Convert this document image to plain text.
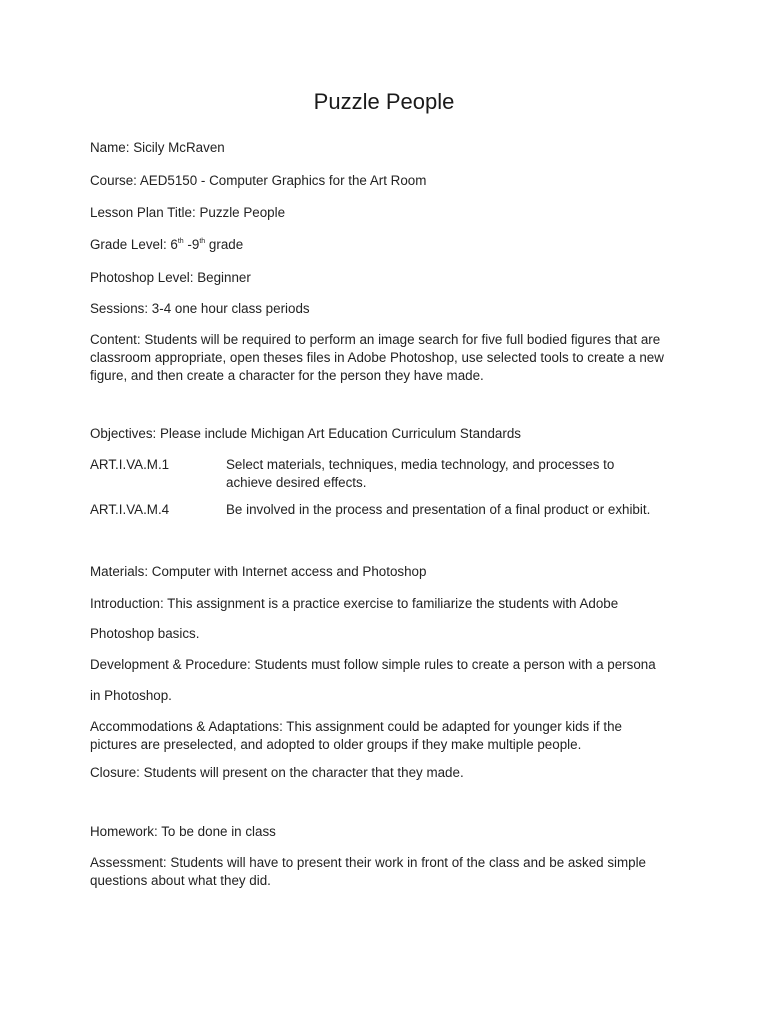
Puzzle People

Name: Sicily McRaven

Course: AED5150 - Computer Graphics for the Art Room

Lesson Plan Title: Puzzle People

Grade Level: 6th -9th grade

Photoshop Level: Beginner

Sessions: 3-4 one hour class periods

Content: Students will be required to perform an image search for five full bodied figures that are classroom appropriate, open theses files in Adobe Photoshop, use selected tools to create a new figure, and then create a character for the person they have made.

Objectives: Please include Michigan Art Education Curriculum Standards

ART.I.VA.M.1	Select materials, techniques, media technology, and processes to achieve desired effects.
ART.I.VA.M.4	Be involved in the process and presentation of a final product or exhibit.

Materials: Computer with Internet access and Photoshop

Introduction: This assignment is a practice exercise to familiarize the students with Adobe

Photoshop basics.

Development & Procedure: Students must follow simple rules to create a person with a persona

in Photoshop.

Accommodations & Adaptations: This assignment could be adapted for younger kids if the pictures are preselected, and adopted to older groups if they make multiple people.

Closure: Students will present on the character that they made.

Homework: To be done in class

Assessment: Students will have to present their work in front of the class and be asked simple questions about what they did.
